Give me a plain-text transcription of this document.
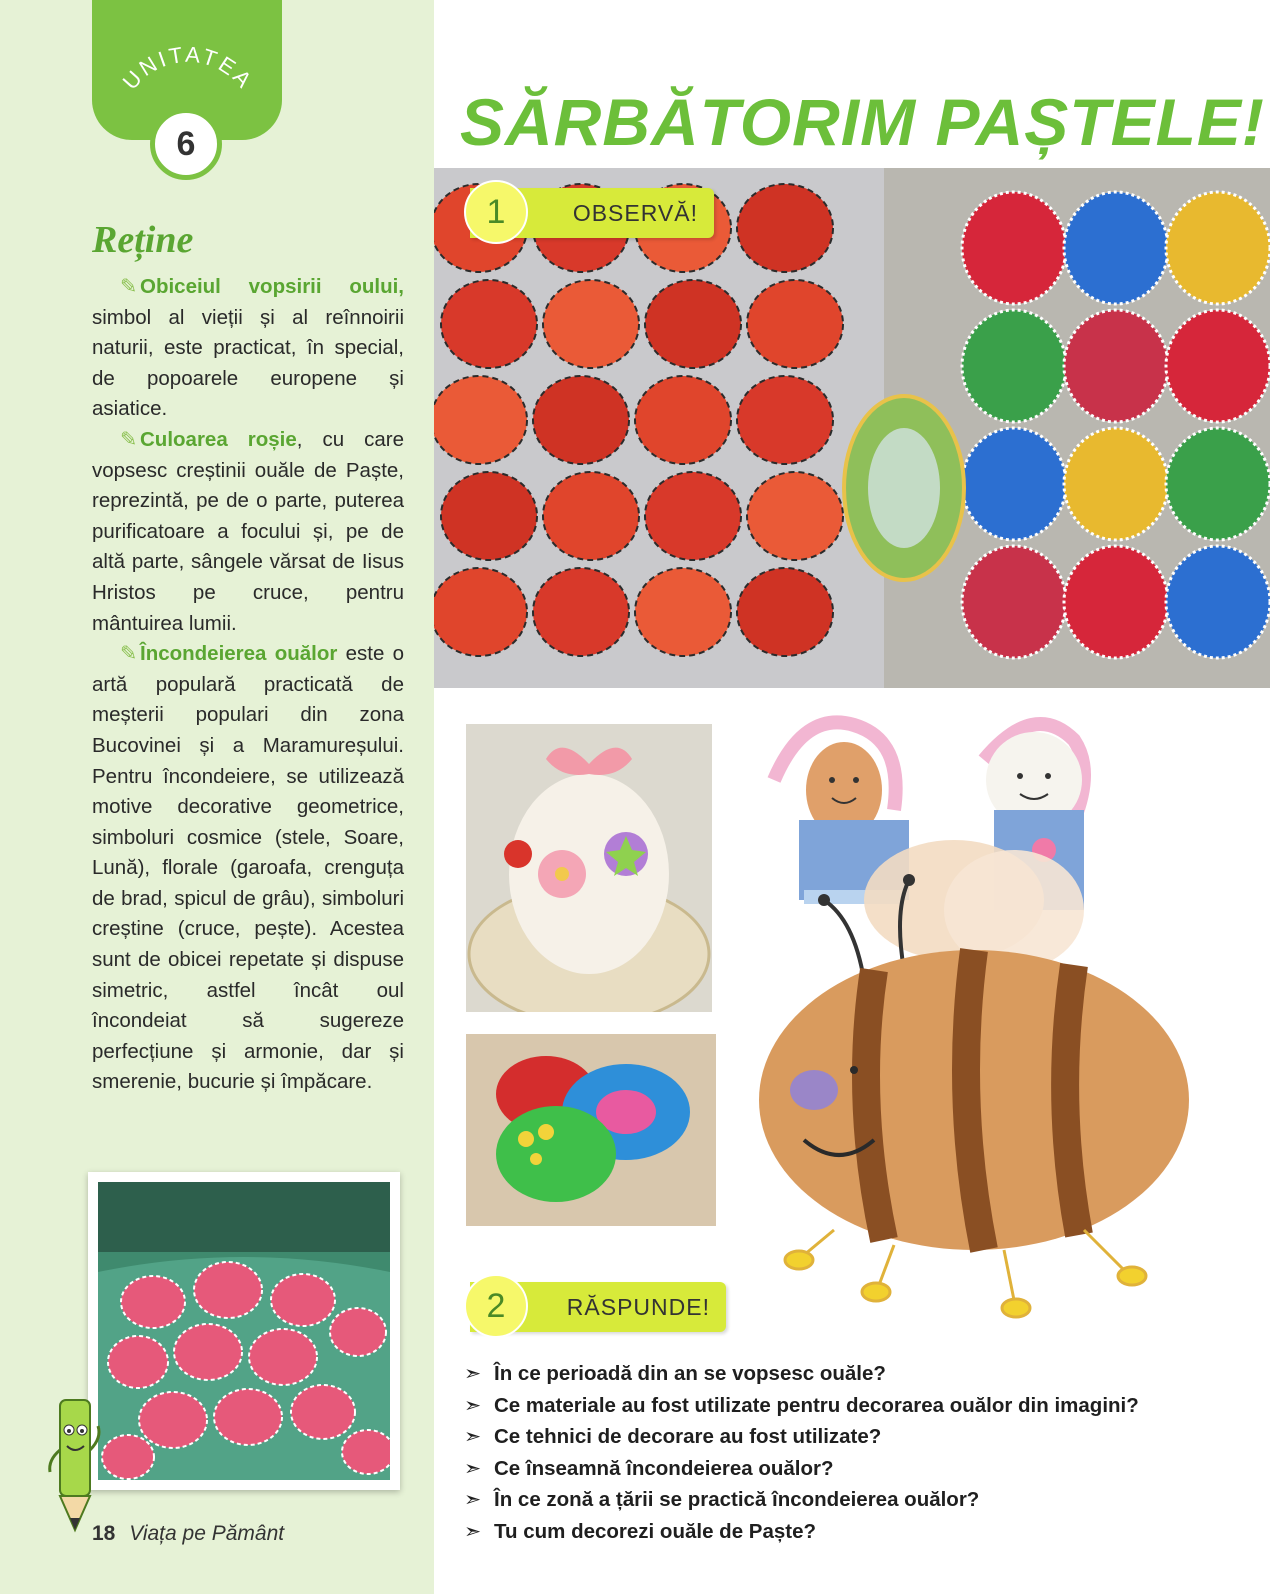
UNITATEA
6
Reține

✎ Obiceiul vopsirii oului, simbol al vieții și al reînnoirii naturii, este practicat, în special, de popoarele europene și asiatice.

✎ Culoarea roșie, cu care vopsesc creștinii ouăle de Paște, reprezintă, pe de o parte, puterea purificatoare a focului și, pe de altă parte, sângele vărsat de Iisus Hristos pe cruce, pentru mântuirea lumii.

✎ Încondeierea ouălor este o artă populară practicată de meșterii populari din zona Bucovinei și a Maramureșului. Pentru încondeiere, se utilizează motive decorative geometrice, simboluri cosmice (stele, Soare, Lună), florale (garoafa, crenguța de brad, spicul de grâu), simboluri creștine (cruce, pește). Acestea sunt de obicei repetate și dispuse simetric, astfel încât oul încondeiat să sugereze perfecțiune și armonie, dar și smerenie, bucurie și împăcare.

18 Viața pe Pământ
SĂRBĂTORIM PAȘTELE!
1	OBSERVĂ!
2	RĂSPUNDE!
➣ În ce perioadă din an se vopsesc ouăle?
➣ Ce materiale au fost utilizate pentru decorarea ouălor din imagini?
➣ Ce tehnici de decorare au fost utilizate?
➣ Ce înseamnă încondeierea ouălor?
➣ În ce zonă a țării se practică încondeierea ouălor?
➣ Tu cum decorezi ouăle de Paște?
